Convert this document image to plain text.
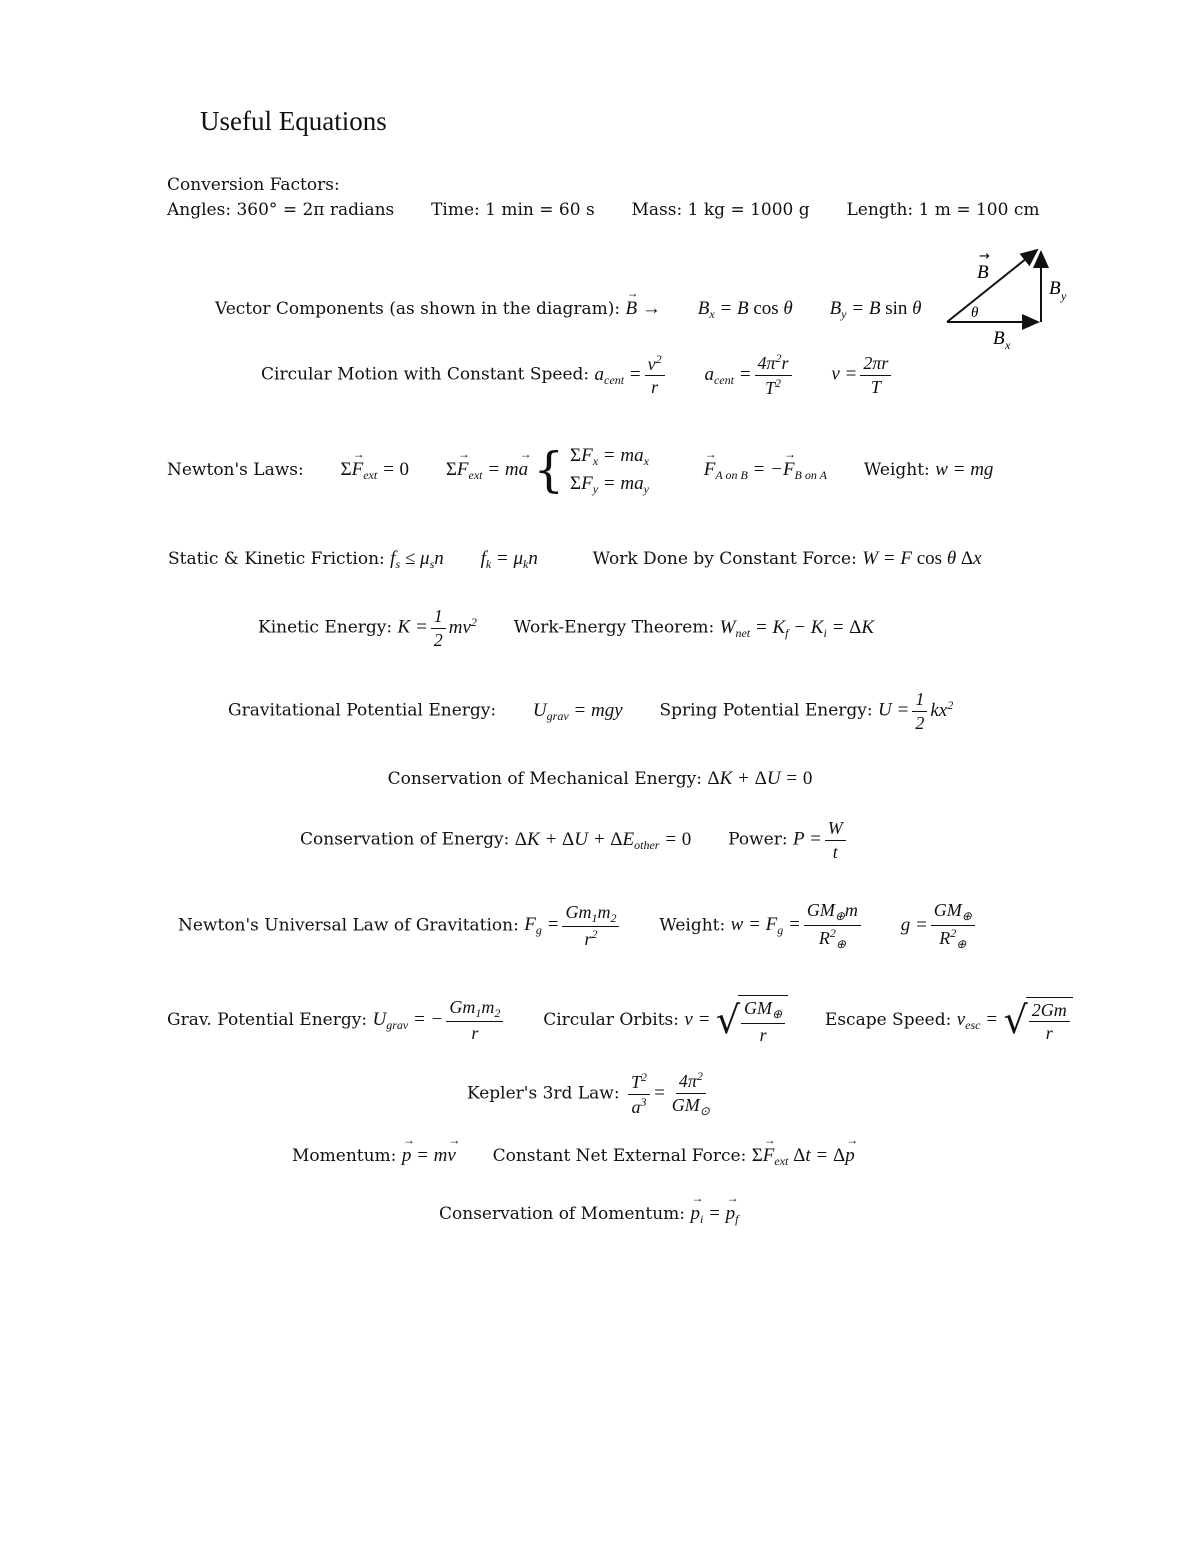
Useful Equations
Conversion Factors:
Angles: 360° = 2π radians Time: 1 min = 60 s Mass: 1 kg = 1000 g Length: 1 m = 100 cm
Vector Components (as shown in the diagram): → $B \to B_x = B$ cos θ $B_y = B$ sin θ
B
→
B y
B x
θ
Circular Motion with Constant Speed: $a_{cent} = \frac{v^2}{r} a_{cent} = \frac{4\pi^2r}{T^2}$ $v = \frac{2\pi r}{T}$
Newton's Laws: $\Sigma\to F_{ext} = 0$ $\Sigma\to F_{ext} = m\to a$ { $\Sigma F_x = ma_x$
$\Sigma F_y = ma_y$
→ $F_{A on B}$ = −→ $F_{B on A}$ Weight: w = mg
Static & Kinetic Friction: $f_s \le \mu_sn$ $f_k = \mu_kn$	Work Done by Constant Force: W = F cos θ Δx
Kinetic Energy: $K = \frac{1}{2} mv^2$ Work-Energy Theorem: $W_{net} = K_f - K_i = \Delta K$
Gravitational Potential Energy: $U_{grav}$ = mgy Spring Potential Energy: $U = \frac{1}{2} kx^2$
Conservation of Mechanical Energy: ΔK + ΔU = 0
Conservation of Energy: $\Delta K + \Delta U + \Delta E_{other} = 0$ Power: $P = \frac{W}{t}$
Newton's Universal Law of Gravitation: $F_g = \frac{Gm_1m_2}{r^2}$ Weight: $w = F_g = \frac{GM_\oplus m}{R^2_\oplus}$ $g = \frac{GM_\oplus}{R^2_\oplus}$
Grav. Potential Energy: $U_{grav}$ = − $\frac{Gm_1m_2}{r}$ Circular Orbits: v = √ $\frac{GM_\oplus}{r}$ Escape Speed: $v_{esc}$ = √ $\frac{2Gm}{r}$
Kepler's 3rd Law: $\frac{T^2}{a^3} = \frac{4\pi^2}{GM_⊙}$
Momentum: → p = m→ v Constant Net External Force: $\Sigma\to F_{ext}$ Δt = Δ→ p
Conservation of Momentum: → $p_i$ = → $p_f$
